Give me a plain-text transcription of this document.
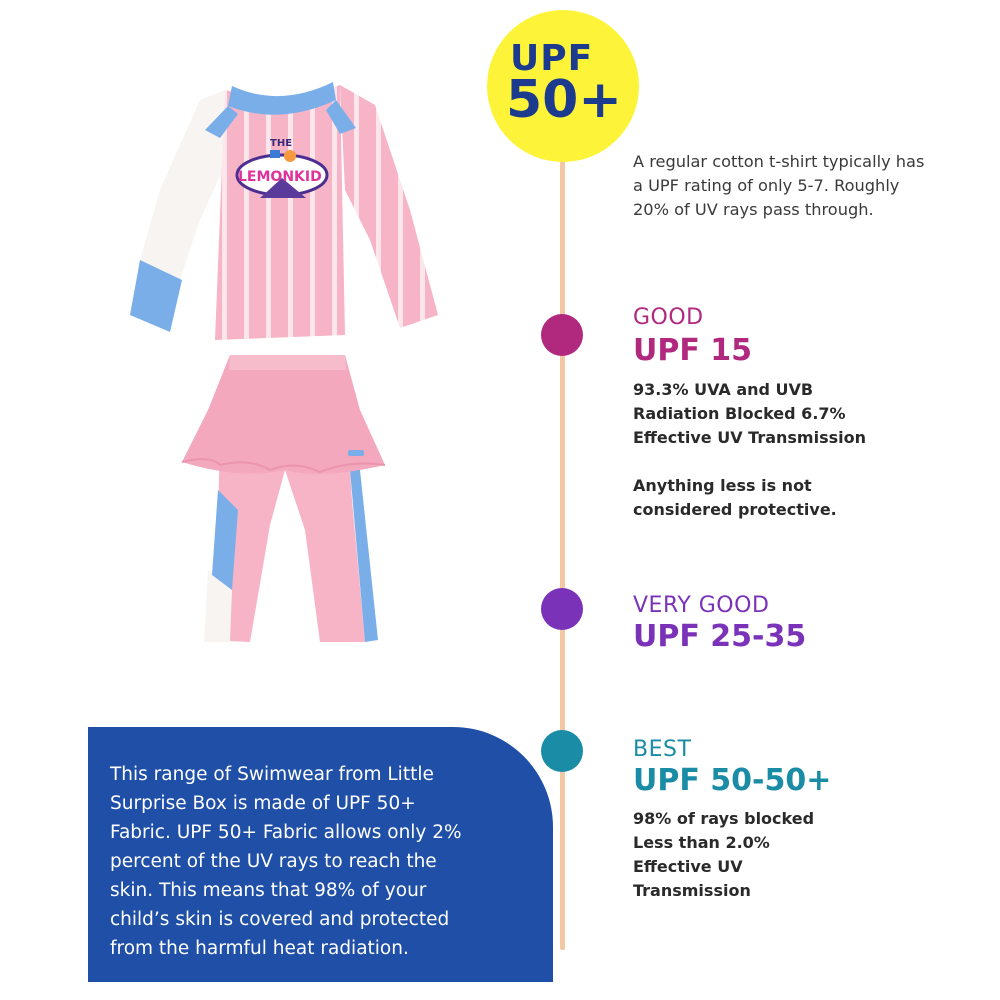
THE
LEMONKID
UPF
50+
A regular cotton t-shirt typically has a UPF rating of only 5-7. Roughly 20% of UV rays pass through.
GOOD
UPF 15
93.3% UVA and UVB
Radiation Blocked 6.7%
Effective UV Transmission
Anything less is not
considered protective.
VERY GOOD
UPF 25-35
BEST
UPF 50-50+
98% of rays blocked
Less than 2.0%
Effective UV
Transmission
This range of Swimwear from Little
Surprise Box is made of UPF 50+
Fabric. UPF 50+ Fabric allows only 2%
percent of the UV rays to reach the
skin. This means that 98% of your
child’s skin is covered and protected
from the harmful heat radiation.
